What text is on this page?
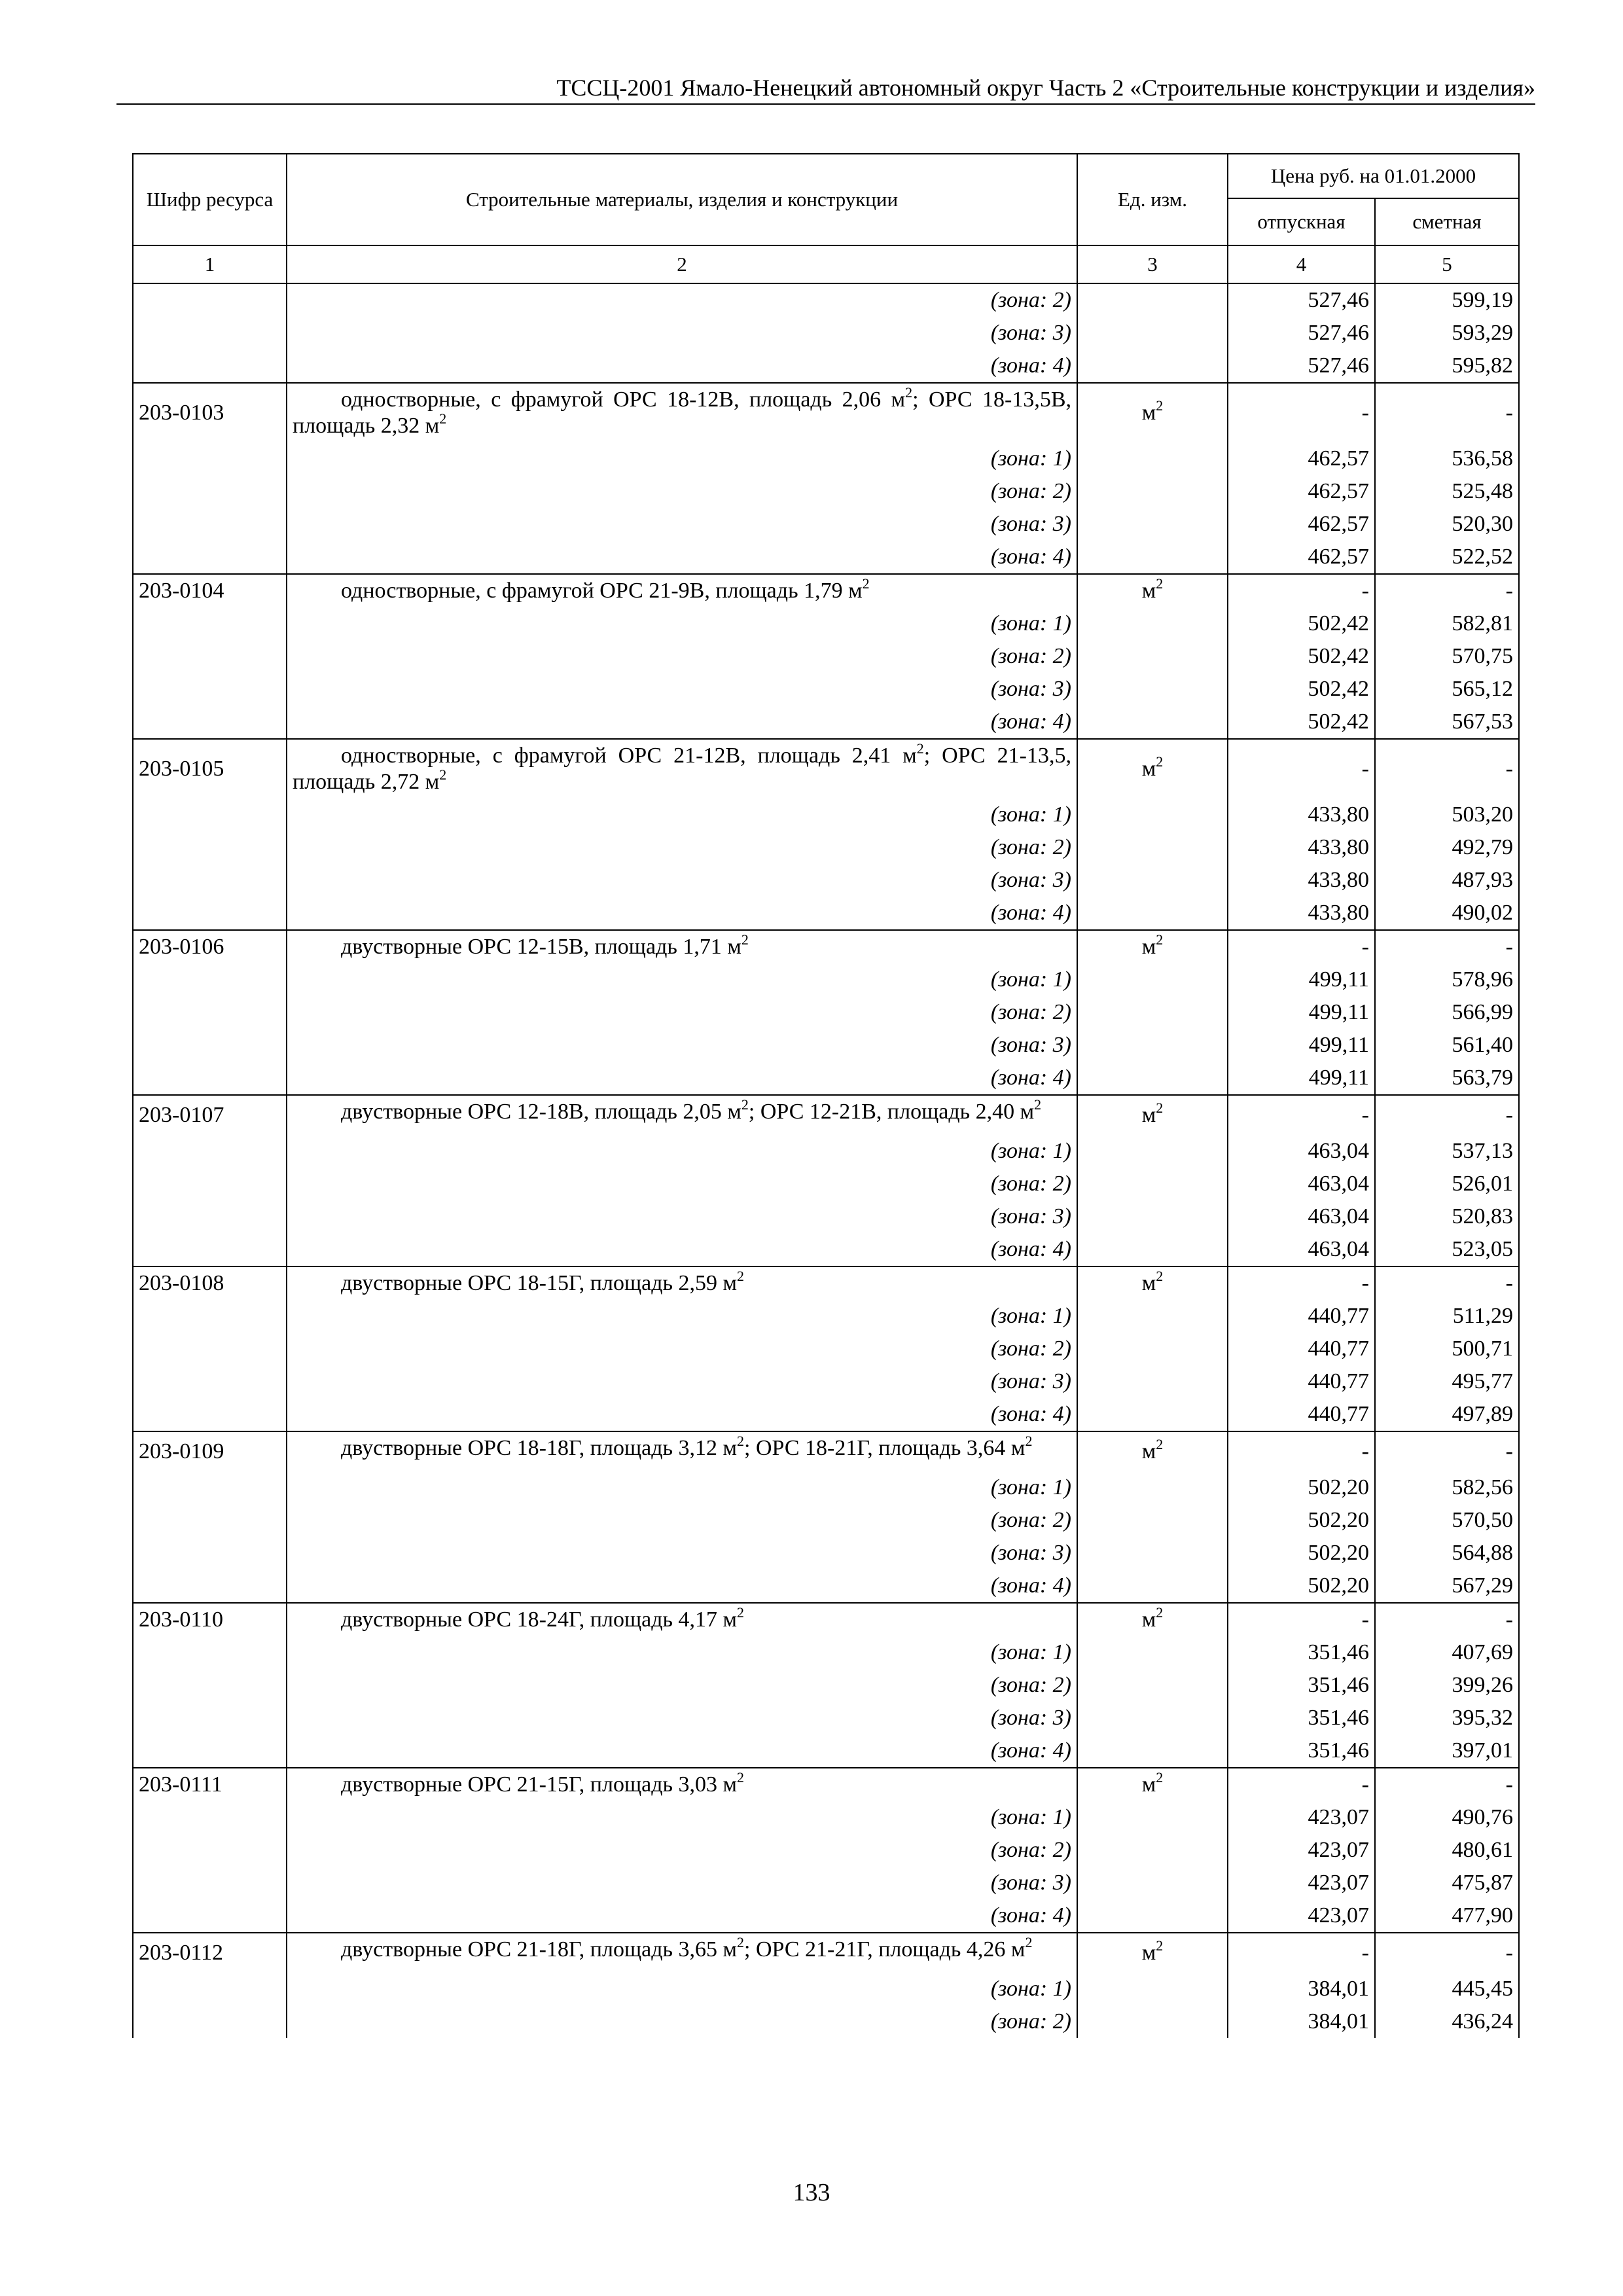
ТССЦ-2001 Ямало-Ненецкий автономный округ Часть 2 «Строительные конструкции и изделия»
Шифр ресурса	Строительные материалы, изделия и конструкции	Ед. изм.	Цена руб. на 01.01.2000	
			отпускная	сметная
1	2	3	4	5
	(зона: 2)		527,46	599,19
	(зона: 3)		527,46	593,29
	(зона: 4)		527,46	595,82
203-0103	одностворные, с фрамугой ОРС 18-12В, площадь 2,06 $м^2$; ОРС 18-13,5В, площадь 2,32 $м^2$	$м^2$	-	-
	(зона: 1)		462,57	536,58
	(зона: 2)		462,57	525,48
	(зона: 3)		462,57	520,30
	(зона: 4)		462,57	522,52
203-0104	одностворные, с фрамугой ОРС 21-9В, площадь 1,79 $м^2$	$м^2$	-	-
	(зона: 1)		502,42	582,81
	(зона: 2)		502,42	570,75
	(зона: 3)		502,42	565,12
	(зона: 4)		502,42	567,53
203-0105	одностворные, с фрамугой ОРС 21-12В, площадь 2,41 $м^2$; ОРС 21-13,5, площадь 2,72 $м^2$	$м^2$	-	-
	(зона: 1)		433,80	503,20
	(зона: 2)		433,80	492,79
	(зона: 3)		433,80	487,93
	(зона: 4)		433,80	490,02
203-0106	двустворные ОРС 12-15В, площадь 1,71 $м^2$	$м^2$	-	-
	(зона: 1)		499,11	578,96
	(зона: 2)		499,11	566,99
	(зона: 3)		499,11	561,40
	(зона: 4)		499,11	563,79
203-0107	двустворные ОРС 12-18В, площадь 2,05 $м^2$; ОРС 12-21В, площадь 2,40 $м^2$	$м^2$	-	-
	(зона: 1)		463,04	537,13
	(зона: 2)		463,04	526,01
	(зона: 3)		463,04	520,83
	(зона: 4)		463,04	523,05
203-0108	двустворные ОРС 18-15Г, площадь 2,59 $м^2$	$м^2$	-	-
	(зона: 1)		440,77	511,29
	(зона: 2)		440,77	500,71
	(зона: 3)		440,77	495,77
	(зона: 4)		440,77	497,89
203-0109	двустворные ОРС 18-18Г, площадь 3,12 $м^2$; ОРС 18-21Г, площадь 3,64 $м^2$	$м^2$	-	-
	(зона: 1)		502,20	582,56
	(зона: 2)		502,20	570,50
	(зона: 3)		502,20	564,88
	(зона: 4)		502,20	567,29
203-0110	двустворные ОРС 18-24Г, площадь 4,17 $м^2$	$м^2$	-	-
	(зона: 1)		351,46	407,69
	(зона: 2)		351,46	399,26
	(зона: 3)		351,46	395,32
	(зона: 4)		351,46	397,01
203-0111	двустворные ОРС 21-15Г, площадь 3,03 $м^2$	$м^2$	-	-
	(зона: 1)		423,07	490,76
	(зона: 2)		423,07	480,61
	(зона: 3)		423,07	475,87
	(зона: 4)		423,07	477,90
203-0112	двустворные ОРС 21-18Г, площадь 3,65 $м^2$; ОРС 21-21Г, площадь 4,26 $м^2$	$м^2$	-	-
	(зона: 1)		384,01	445,45
	(зона: 2)		384,01	436,24
133
